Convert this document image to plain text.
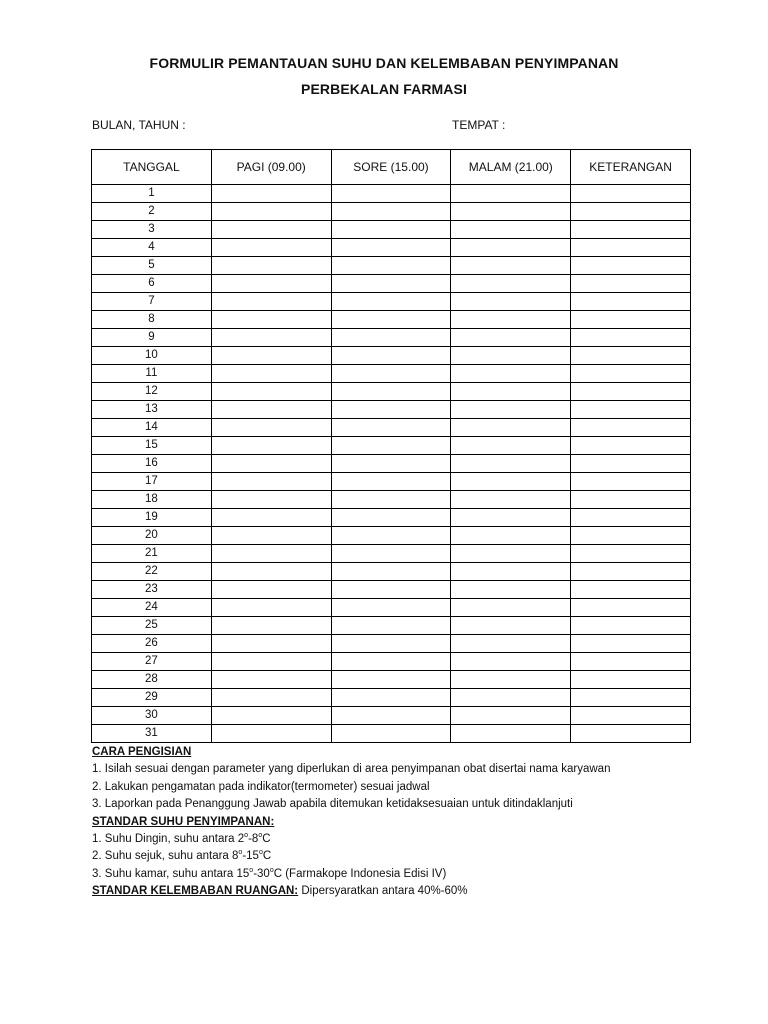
FORMULIR PEMANTAUAN SUHU DAN KELEMBABAN PENYIMPANAN
PERBEKALAN FARMASI
BULAN, TAHUN :	TEMPAT :
TANGGAL	PAGI (09.00)	SORE (15.00)	MALAM (21.00)	KETERANGAN
1				
2				
3				
4				
5				
6				
7				
8				
9				
10				
11				
12				
13				
14				
15				
16				
17				
18				
19				
20				
21				
22				
23				
24				
25				
26				
27				
28				
29				
30				
31				
CARA PENGISIAN
1. Isilah sesuai dengan parameter yang diperlukan di area penyimpanan obat disertai nama karyawan
2. Lakukan pengamatan pada indikator(termometer) sesuai jadwal
3. Laporkan pada Penanggung Jawab apabila ditemukan ketidaksesuaian untuk ditindaklanjuti
STANDAR SUHU PENYIMPANAN:
1. Suhu Dingin, suhu antara 2$^o$-8$^o$C
2. Suhu sejuk, suhu antara 8$^o$-15$^o$C
3. Suhu kamar, suhu antara 15$^o$-30$^o$C (Farmakope Indonesia Edisi IV)
STANDAR KELEMBABAN RUANGAN: Dipersyaratkan antara 40%-60%
